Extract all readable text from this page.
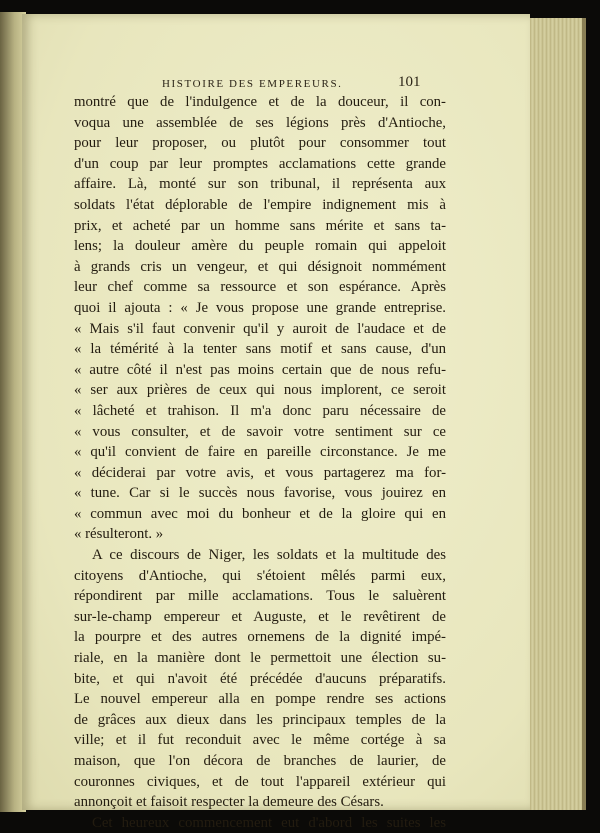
HISTOIRE DES EMPEREURS.	101
montré que de l'indulgence et de la douceur, il con-
voqua une assemblée de ses légions près d'Antioche,
pour leur proposer, ou plutôt pour consommer tout
d'un coup par leur promptes acclamations cette grande
affaire. Là, monté sur son tribunal, il représenta aux
soldats l'état déplorable de l'empire indignement mis à
prix, et acheté par un homme sans mérite et sans ta-
lens; la douleur amère du peuple romain qui appeloit
à grands cris un vengeur, et qui désignoit nommément
leur chef comme sa ressource et son espérance. Après
quoi il ajouta : « Je vous propose une grande entreprise.
« Mais s'il faut convenir qu'il y auroit de l'audace et de
« la témérité à la tenter sans motif et sans cause, d'un
« autre côté il n'est pas moins certain que de nous refu-
« ser aux prières de ceux qui nous implorent, ce seroit
« lâcheté et trahison. Il m'a donc paru nécessaire de
« vous consulter, et de savoir votre sentiment sur ce
« qu'il convient de faire en pareille circonstance. Je me
« déciderai par votre avis, et vous partagerez ma for-
« tune. Car si le succès nous favorise, vous jouirez en
« commun avec moi du bonheur et de la gloire qui en
« résulteront. »
A ce discours de Niger, les soldats et la multitude des
citoyens d'Antioche, qui s'étoient mêlés parmi eux,
répondirent par mille acclamations. Tous le saluèrent
sur-le-champ empereur et Auguste, et le revêtirent de
la pourpre et des autres ornemens de la dignité impé-
riale, en la manière dont le permettoit une élection su-
bite, et qui n'avoit été précédée d'aucuns préparatifs.
Le nouvel empereur alla en pompe rendre ses actions
de grâces aux dieux dans les principaux temples de la
ville; et il fut reconduit avec le même cortége à sa
maison, que l'on décora de branches de laurier, de
couronnes civiques, et de tout l'appareil extérieur qui
annonçoit et faisoit respecter la demeure des Césars.
Cet heureux commencement eut d'abord les suites les
